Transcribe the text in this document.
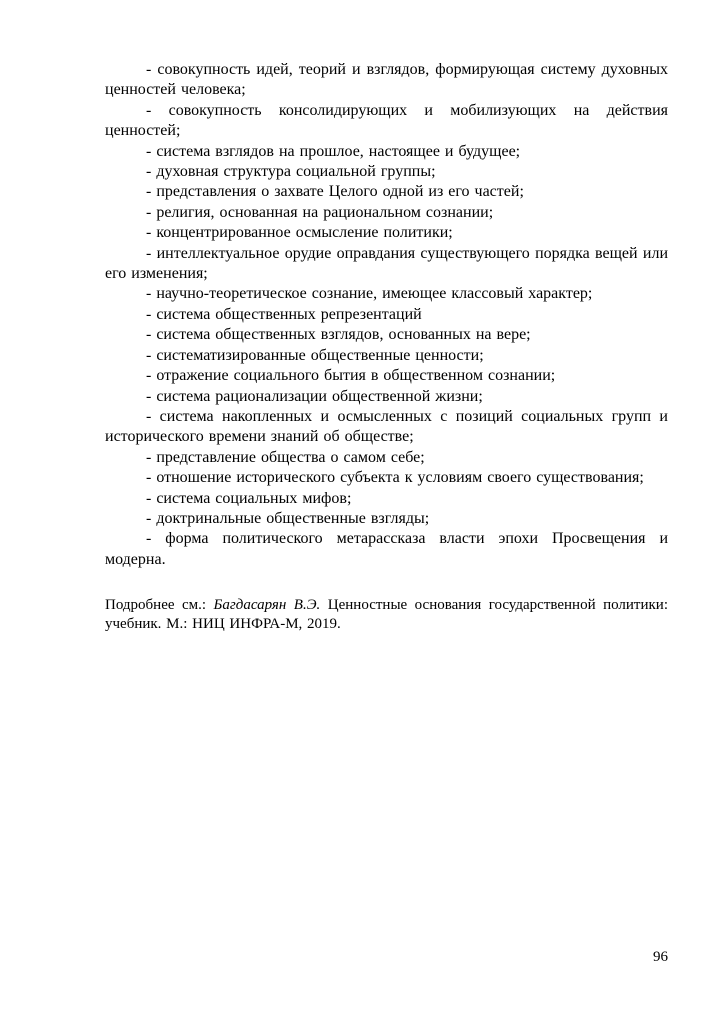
- совокупность идей, теорий и взглядов, формирующая систему духовных ценностей человека;

- совокупность консолидирующих и мобилизующих на действия ценностей;

- система взглядов на прошлое, настоящее и будущее;

- духовная структура социальной группы;

- представления о захвате Целого одной из его частей;

- религия, основанная на рациональном сознании;

- концентрированное осмысление политики;

- интеллектуальное орудие оправдания существующего порядка вещей или его изменения;

- научно-теоретическое сознание, имеющее классовый характер;

- система общественных репрезентаций

- система общественных взглядов, основанных на вере;

- систематизированные общественные ценности;

- отражение социального бытия в общественном сознании;

- система рационализации общественной жизни;

- система накопленных и осмысленных с позиций социальных групп и исторического времени знаний об обществе;

- представление общества о самом себе;

- отношение исторического субъекта к условиям своего существования;

- система социальных мифов;

- доктринальные общественные взгляды;

- форма политического метарассказа власти эпохи Просвещения и модерна.

Подробнее см.: Багдасарян В.Э. Ценностные основания государственной политики: учебник. М.: НИЦ ИНФРА-М, 2019.

96
